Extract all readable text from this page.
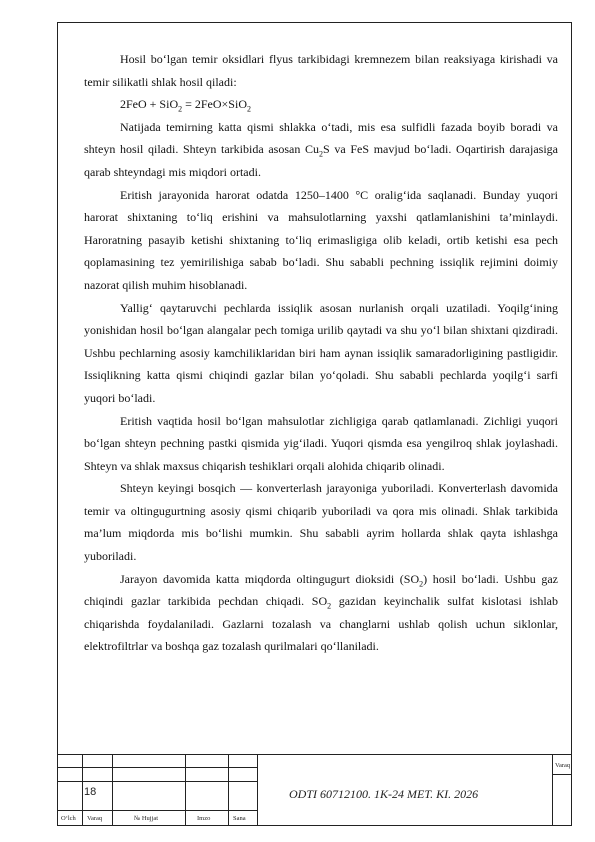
Hosil bo‘lgan temir oksidlari flyus tarkibidagi kremnezem bilan reaksiyaga kirishadi va temir silikatli shlak hosil qiladi:

2FeO + SiO$_2$ = 2FeO×SiO$_2$

Natijada temirning katta qismi shlakka o‘tadi, mis esa sulfidli fazada boyib boradi va shteyn hosil qiladi. Shteyn tarkibida asosan $Cu_2S$ va FeS mavjud bo‘ladi. Oqartirish darajasiga qarab shteyndagi mis miqdori ortadi.

Eritish jarayonida harorat odatda 1250–1400 °C oralig‘ida saqlanadi. Bunday yuqori harorat shixtaning to‘liq erishini va mahsulotlarning yaxshi qatlamlanishini ta’minlaydi. Haroratning pasayib ketishi shixtaning to‘liq erimasligiga olib keladi, ortib ketishi esa pech qoplamasining tez yemirilishiga sabab bo‘ladi. Shu sababli pechning issiqlik rejimini doimiy nazorat qilish muhim hisoblanadi.

Yallig‘ qaytaruvchi pechlarda issiqlik asosan nurlanish orqali uzatiladi. Yoqilg‘ining yonishidan hosil bo‘lgan alangalar pech tomiga urilib qaytadi va shu yo‘l bilan shixtani qizdiradi. Ushbu pechlarning asosiy kamchiliklaridan biri ham aynan issiqlik samaradorligining pastligidir. Issiqlikning katta qismi chiqindi gazlar bilan yo‘qoladi. Shu sababli pechlarda yoqilg‘i sarfi yuqori bo‘ladi.

Eritish vaqtida hosil bo‘lgan mahsulotlar zichligiga qarab qatlamlanadi. Zichligi yuqori bo‘lgan shteyn pechning pastki qismida yig‘iladi. Yuqori qismda esa yengilroq shlak joylashadi. Shteyn va shlak maxsus chiqarish teshiklari orqali alohida chiqarib olinadi.

Shteyn keyingi bosqich — konverterlash jarayoniga yuboriladi. Konverterlash davomida temir va oltingugurtning asosiy qismi chiqarib yuboriladi va qora mis olinadi. Shlak tarkibida ma’lum miqdorda mis bo‘lishi mumkin. Shu sababli ayrim hollarda shlak qayta ishlashga yuboriladi.

Jarayon davomida katta miqdorda oltingugurt dioksidi $(SO_2)$ hosil bo‘ladi. Ushbu gaz chiqindi gazlar tarkibida pechdan chiqadi. $SO_2$ gazidan keyinchalik sulfat kislotasi ishlab chiqarishda foydalaniladi. Gazlarni tozalash va changlarni ushlab qolish uchun siklonlar, elektrofiltrlar va boshqa gaz tozalash qurilmalari qo‘llaniladi.

18	ODTI 60712100. 1K-24 MET. KI. 2026
Varaq
O‘lch Varaq	№ Hujjat	Imzo	Sana
